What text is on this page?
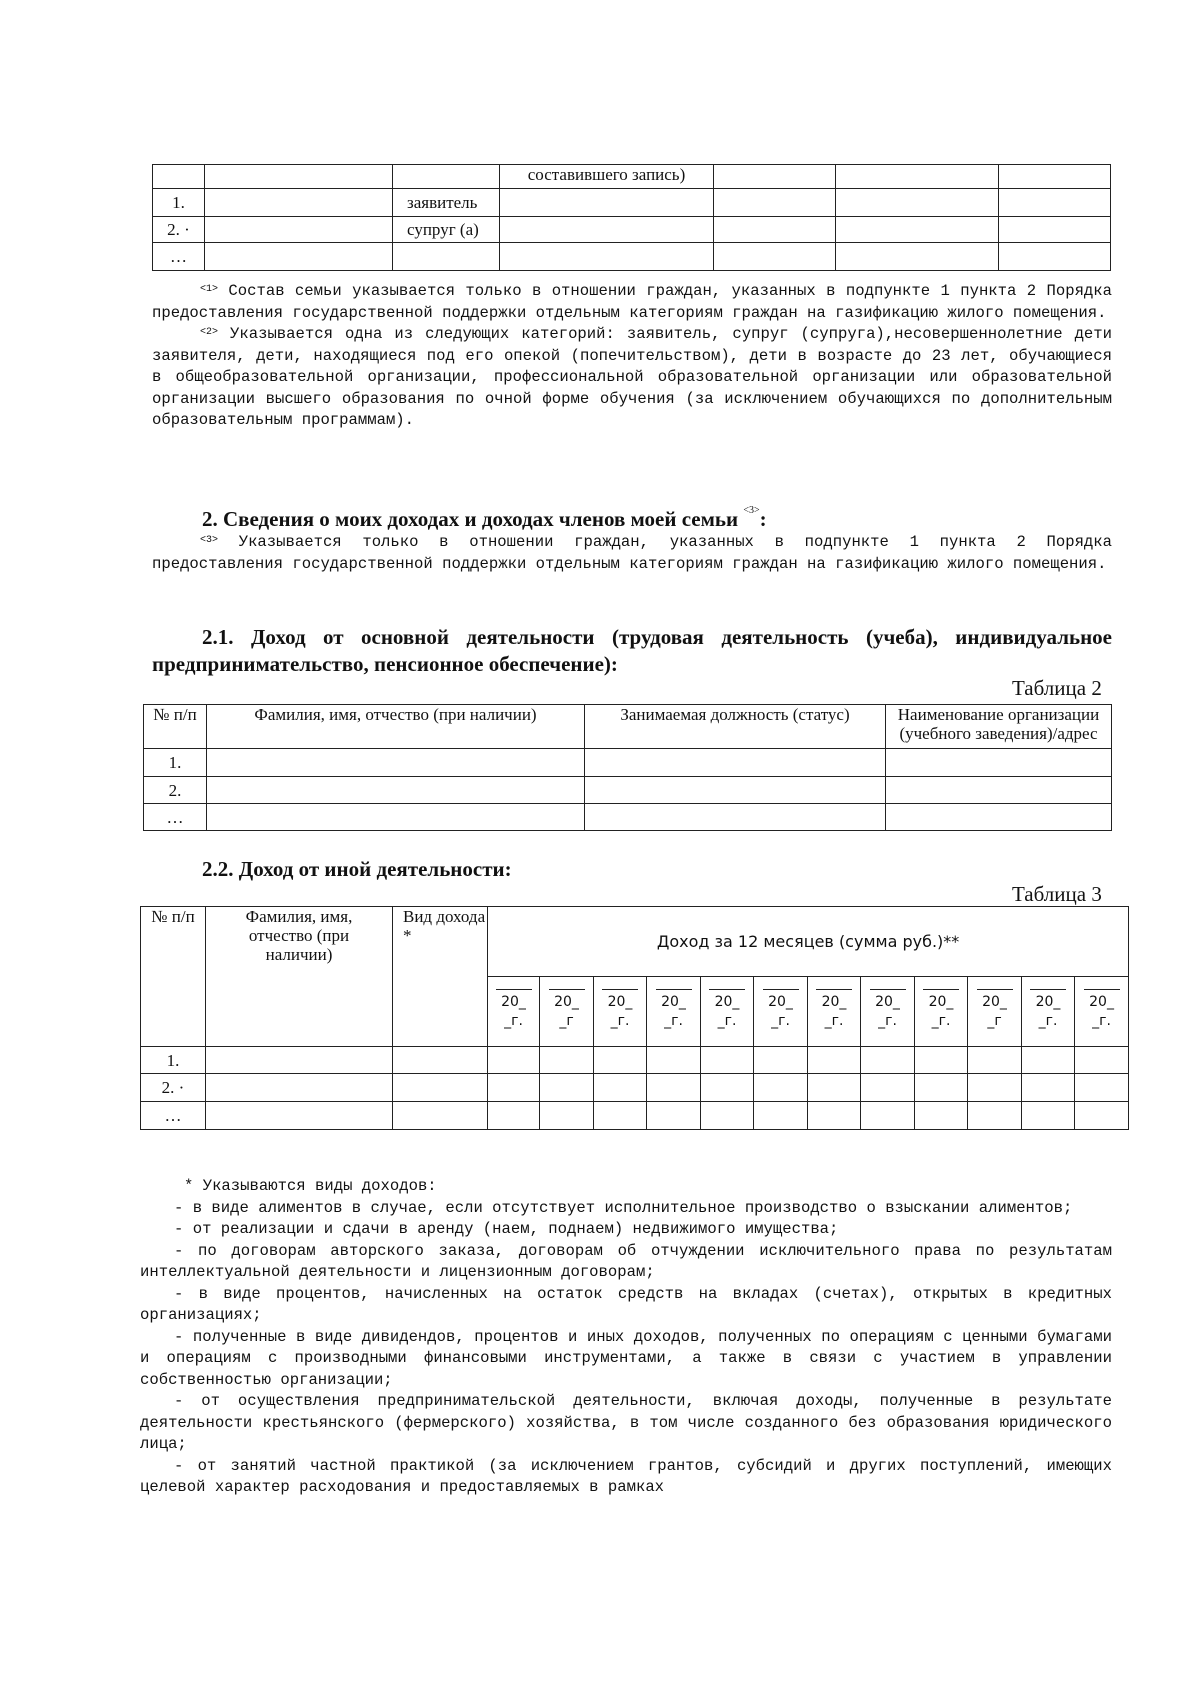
			составившего запись)			
1.		заявитель				
2. ·		супруг (а)				
…						

$^{<1>}$ Состав семьи указывается только в отношении граждан, указанных в подпункте 1 пункта 2 Порядка предоставления государственной поддержки отдельным категориям граждан на газификацию жилого помещения.

$^{<2>}$ Указывается одна из следующих категорий: заявитель, супруг (супруга),несовершеннолетние дети заявителя, дети, находящиеся под его опекой (попечительством), дети в возрасте до 23 лет, обучающиеся в общеобразовательной организации, профессиональной образовательной организации или образовательной организации высшего образования по очной форме обучения (за исключением обучающихся по дополнительным образовательным программам).

2. Сведения о моих доходах и доходах членов моей семьи $^{<3>}$:

$^{<3>}$ Указывается только в отношении граждан, указанных в подпункте 1 пункта 2 Порядка предоставления государственной поддержки отдельным категориям граждан на газификацию жилого помещения.

2.1. Доход от основной деятельности (трудовая деятельность (учеба), индивидуальное предпринимательство, пенсионное обеспечение):
Таблица 2
№ п/п	Фамилия, имя, отчество (при наличии)	Занимаемая должность (статус)	Наименование организации (учебного заведения)/адрес
1.			
2.			
…			
2.2. Доход от иной деятельности:
Таблица 3
№ п/п	Фамилия, имя, отчество (при наличии)	Вид дохода *	Доход за 12 месяцев (сумма руб.)**											

20_
_г.	20_
_г	20_
_г.	20_
_г.	20_
_г.	20_
_г.	20_
_г.	20_
_г.	20_
_г.	20_
_г	20_
_г.	20_
_г.
1.														
2. ·														
…														

* Указываются виды доходов:

- в виде алиментов в случае, если отсутствует исполнительное производство о взыскании алиментов;

- от реализации и сдачи в аренду (наем, поднаем) недвижимого имущества;

- по договорам авторского заказа, договорам об отчуждении исключительного права по результатам интеллектуальной деятельности и лицензионным договорам;

- в виде процентов, начисленных на остаток средств на вкладах (счетах), открытых в кредитных организациях;

- полученные в виде дивидендов, процентов и иных доходов, полученных по операциям с ценными бумагами и операциям с производными финансовыми инструментами, а также в связи с участием в управлении собственностью организации;

- от осуществления предпринимательской деятельности, включая доходы, полученные в результате деятельности крестьянского (фермерского) хозяйства, в том числе созданного без образования юридического лица;

- от занятий частной практикой (за исключением грантов, субсидий и других поступлений, имеющих целевой характер расходования и предоставляемых в рамках
